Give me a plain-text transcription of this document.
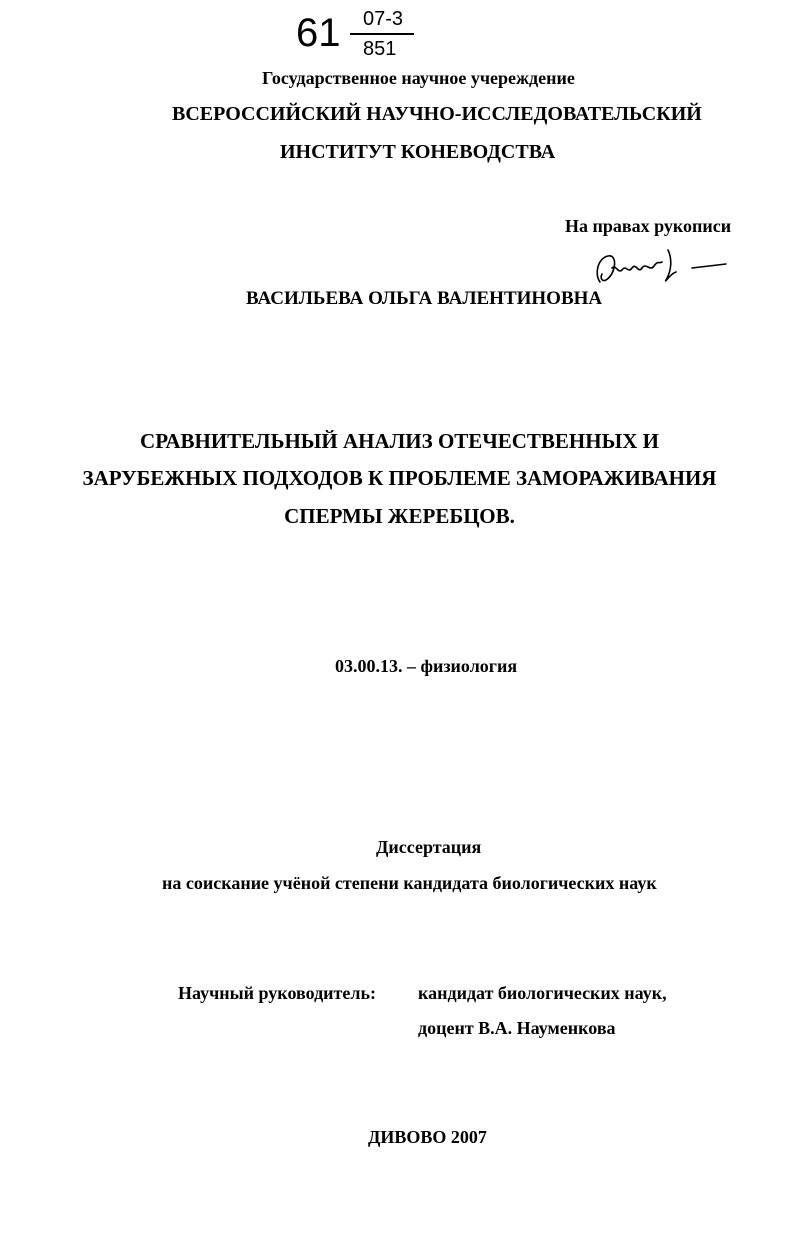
61 07-3
851
Государственное научное учереждение
ВСЕРОССИЙСКИЙ НАУЧНО-ИССЛЕДОВАТЕЛЬСКИЙ
ИНСТИТУТ КОНЕВОДСТВА
На правах рукописи
ВАСИЛЬЕВА ОЛЬГА ВАЛЕНТИНОВНА
СРАВНИТЕЛЬНЫЙ АНАЛИЗ ОТЕЧЕСТВЕННЫХ И
ЗАРУБЕЖНЫХ ПОДХОДОВ К ПРОБЛЕМЕ ЗАМОРАЖИВАНИЯ
СПЕРМЫ ЖЕРЕБЦОВ.
03.00.13. – физиология
Диссертация
на соискание учёной степени кандидата биологических наук
Научный руководитель: кандидат биологических наук,
доцент В.А. Науменкова
ДИВОВО 2007
